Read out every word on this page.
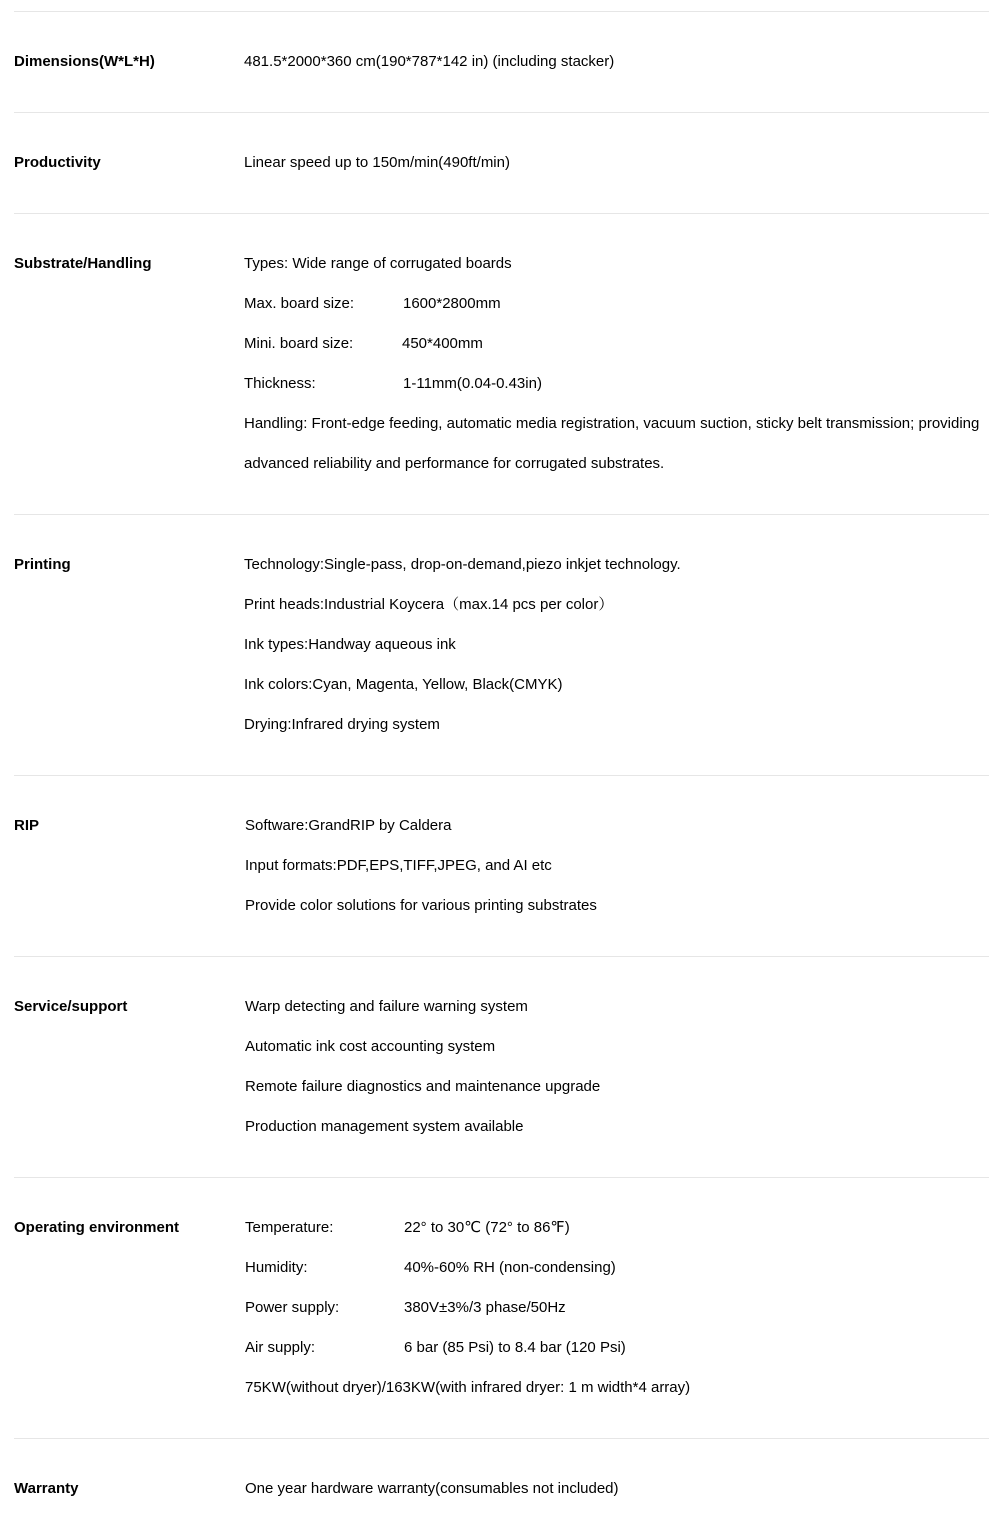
Dimensions(W*L*H)	481.5*2000*360 cm(190*787*142 in) (including stacker)
Productivity	Linear speed up to 150m/min(490ft/min)
Substrate/Handling	Types: Wide range of corrugated boards
Max. board size:	1600*2800mm
Mini. board size:	450*400mm
Thickness:	1-11mm(0.04-0.43in)
Handling: Front-edge feeding, automatic media registration, vacuum suction, sticky belt transmission; providing advanced reliability and performance for corrugated substrates.
Printing	Technology:Single-pass, drop-on-demand,piezo inkjet technology.
Print heads:Industrial Koycera（max.14 pcs per color）
Ink types:Handway aqueous ink
Ink colors:Cyan, Magenta, Yellow, Black(CMYK)
Drying:Infrared drying system
RIP	Software:GrandRIP by Caldera
Input formats:PDF,EPS,TIFF,JPEG, and AI etc
Provide color solutions for various printing substrates
Service/support	Warp detecting and failure warning system
Automatic ink cost accounting system
Remote failure diagnostics and maintenance upgrade
Production management system available
Operating environment	Temperature:	22° to 30℃ (72° to 86℉)
Humidity:	40%-60% RH (non-condensing)
Power supply:	380V±3%/3 phase/50Hz
Air supply:	6 bar (85 Psi) to 8.4 bar (120 Psi)
75KW(without dryer)/163KW(with infrared dryer: 1 m width*4 array)
Warranty	One year hardware warranty(consumables not included)
